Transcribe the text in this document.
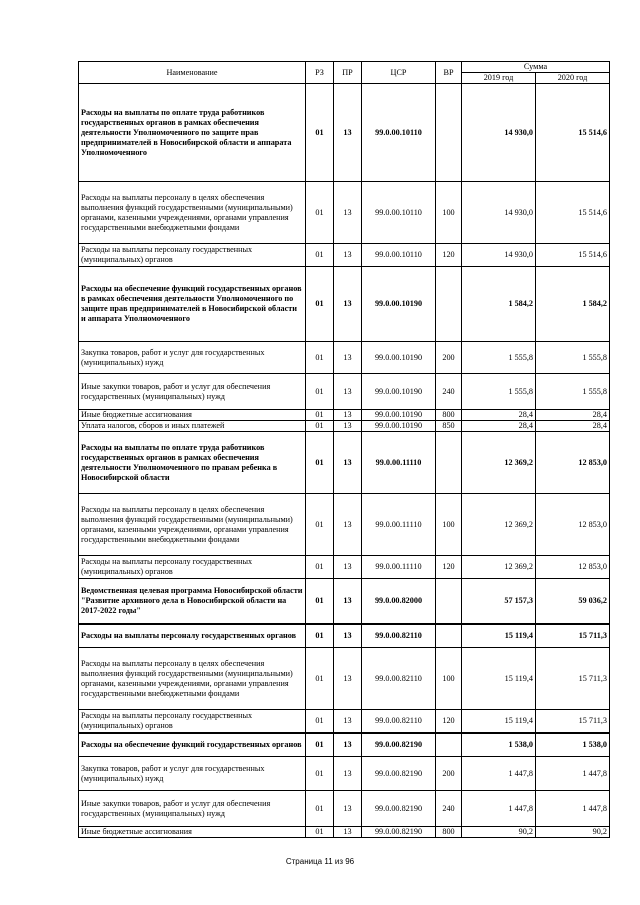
Наименование	РЗ	ПР	ЦСР	ВР	Сумма	
					2019 год	2020 год
Расходы на выплаты по оплате труда работников государственных органов в рамках обеспечения деятельности Уполномоченного по защите прав предпринимателей в Новосибирской области и аппарата Уполномоченного	01	13	99.0.00.10110		14 930,0	15 514,6
Расходы на выплаты персоналу в целях обеспечения выполнения функций государственными (муниципальными) органами, казенными учреждениями, органами управления государственными внебюджетными фондами	01	13	99.0.00.10110	100	14 930,0	15 514,6
Расходы на выплаты персоналу государственных (муниципальных) органов	01	13	99.0.00.10110	120	14 930,0	15 514,6
Расходы на обеспечение функций государственных органов в рамках обеспечения деятельности Уполномоченного по защите прав предпринимателей в Новосибирской области и аппарата Уполномоченного	01	13	99.0.00.10190		1 584,2	1 584,2
Закупка товаров, работ и услуг для государственных (муниципальных) нужд	01	13	99.0.00.10190	200	1 555,8	1 555,8
Иные закупки товаров, работ и услуг для обеспечения государственных (муниципальных) нужд	01	13	99.0.00.10190	240	1 555,8	1 555,8
Иные бюджетные ассигнования	01	13	99.0.00.10190	800	28,4	28,4
Уплата налогов, сборов и иных платежей	01	13	99.0.00.10190	850	28,4	28,4
Расходы на выплаты по оплате труда работников государственных органов в рамках обеспечения деятельности Уполномоченного по правам ребенка в Новосибирской области	01	13	99.0.00.11110		12 369,2	12 853,0
Расходы на выплаты персоналу в целях обеспечения выполнения функций государственными (муниципальными) органами, казенными учреждениями, органами управления государственными внебюджетными фондами	01	13	99.0.00.11110	100	12 369,2	12 853,0
Расходы на выплаты персоналу государственных (муниципальных) органов	01	13	99.0.00.11110	120	12 369,2	12 853,0
Ведомственная целевая программа Новосибирской области "Развитие архивного дела в Новосибирской области на 2017-2022 годы"	01	13	99.0.00.82000		57 157,3	59 036,2
Расходы на выплаты персоналу государственных органов	01	13	99.0.00.82110		15 119,4	15 711,3
Расходы на выплаты персоналу в целях обеспечения выполнения функций государственными (муниципальными) органами, казенными учреждениями, органами управления государственными внебюджетными фондами	01	13	99.0.00.82110	100	15 119,4	15 711,3
Расходы на выплаты персоналу государственных (муниципальных) органов	01	13	99.0.00.82110	120	15 119,4	15 711,3
Расходы на обеспечение функций государственных органов	01	13	99.0.00.82190		1 538,0	1 538,0
Закупка товаров, работ и услуг для государственных (муниципальных) нужд	01	13	99.0.00.82190	200	1 447,8	1 447,8
Иные закупки товаров, работ и услуг для обеспечения государственных (муниципальных) нужд	01	13	99.0.00.82190	240	1 447,8	1 447,8
Иные бюджетные ассигнования	01	13	99.0.00.82190	800	90,2	90,2
Страница 11 из 96
